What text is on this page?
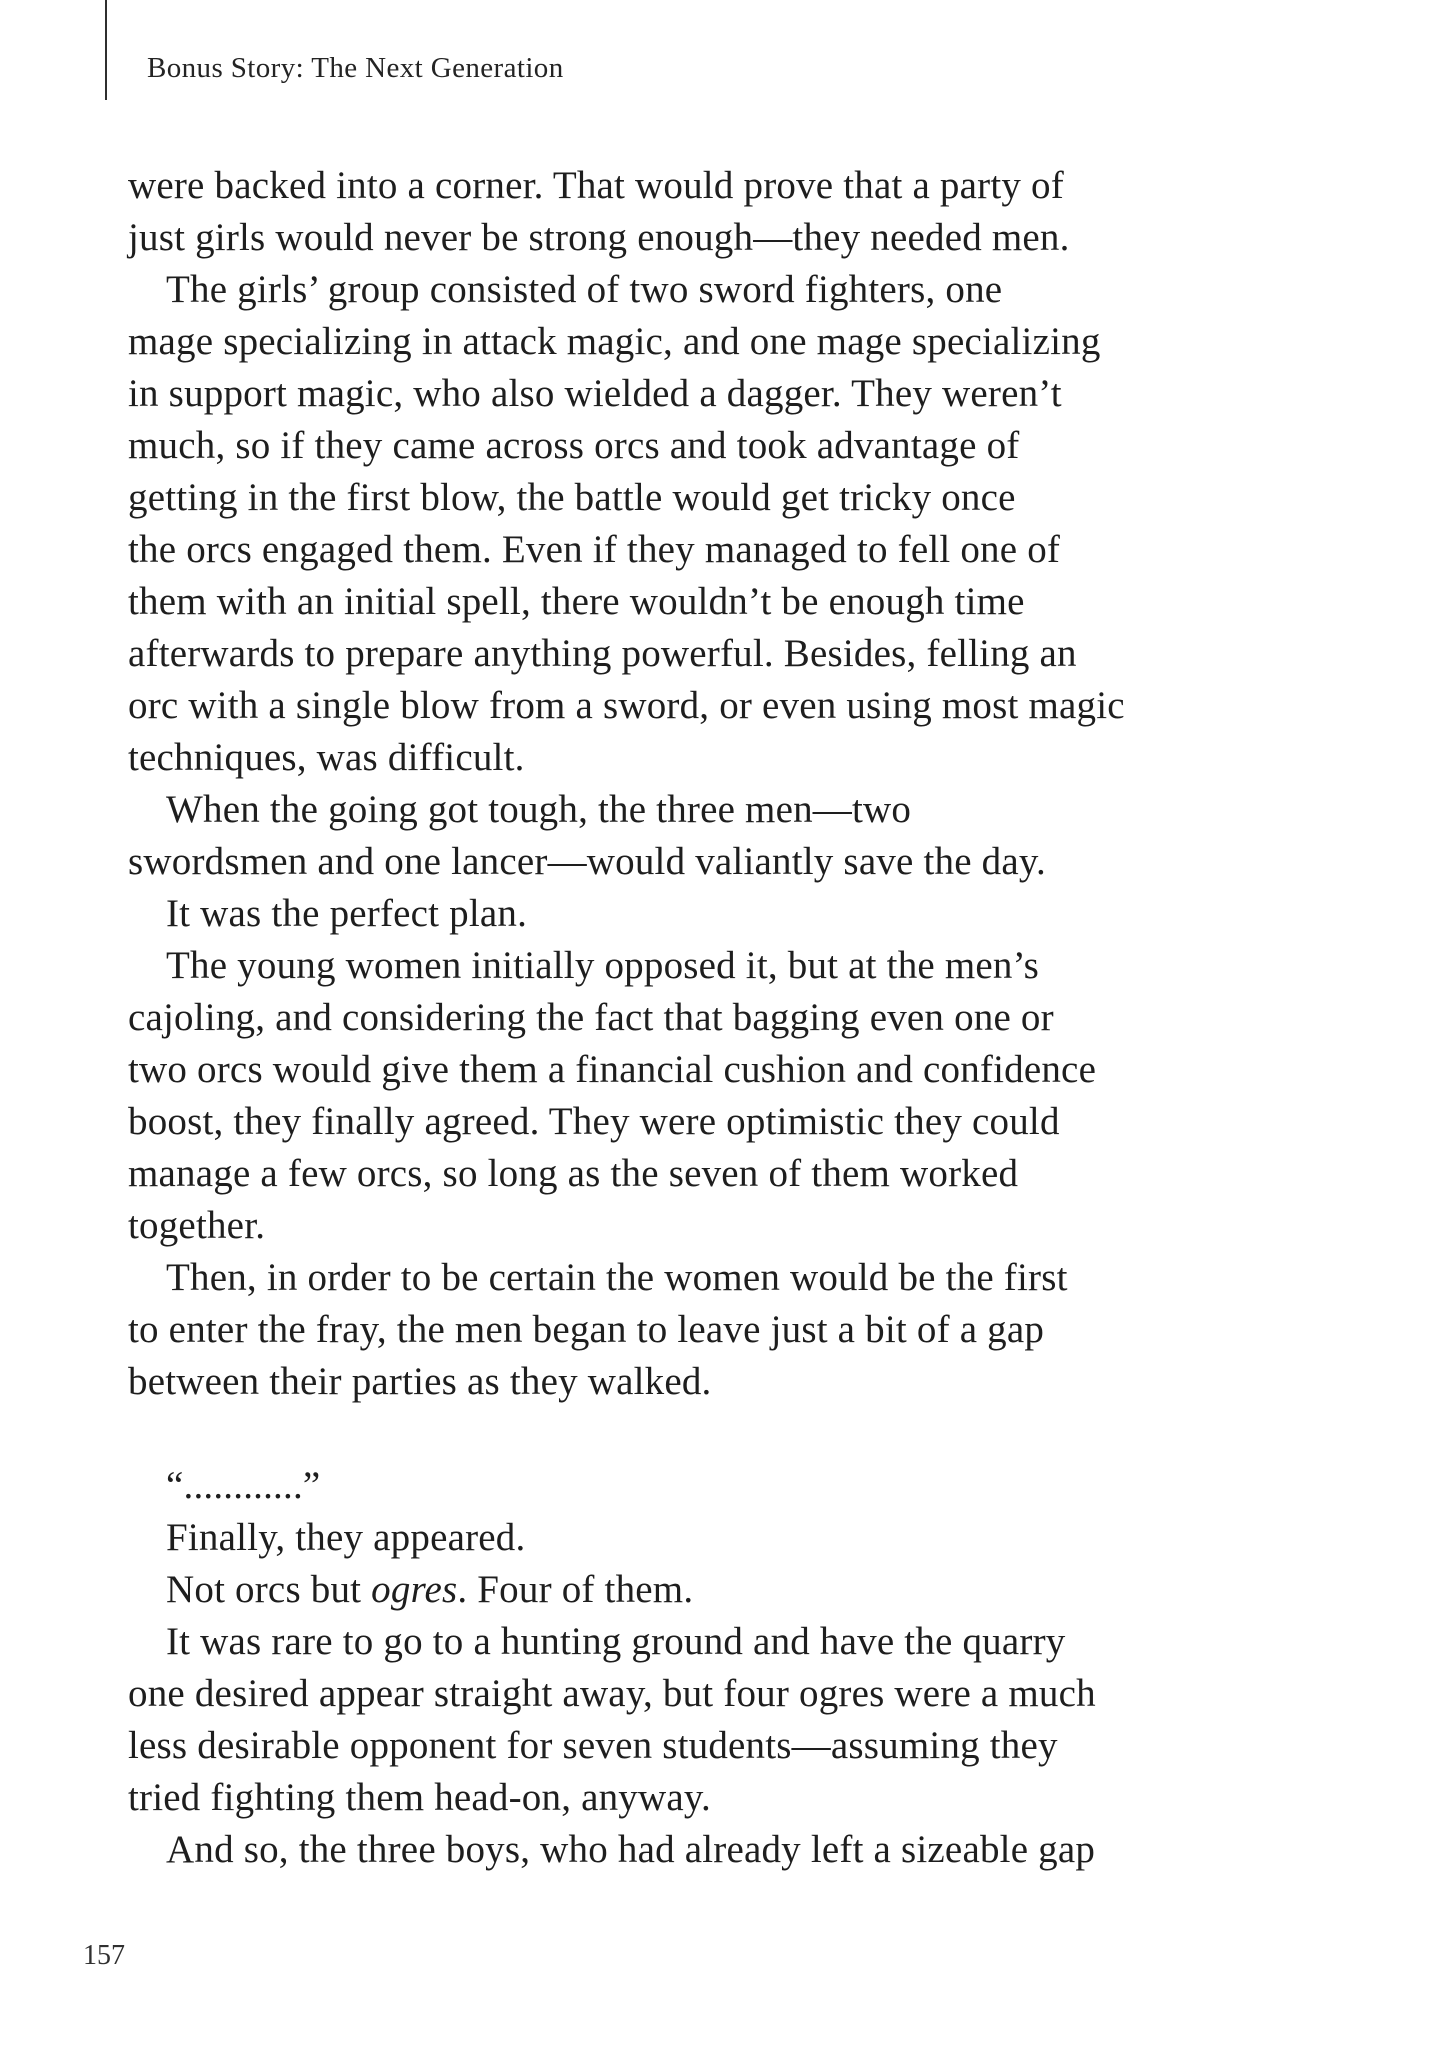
Bonus Story: The Next Generation
were backed into a corner. That would prove that a party of
just girls would never be strong enough—they needed men.
The girls’ group consisted of two sword fighters, one
mage specializing in attack magic, and one mage specializing
in support magic, who also wielded a dagger. They weren’t
much, so if they came across orcs and took advantage of
getting in the first blow, the battle would get tricky once
the orcs engaged them. Even if they managed to fell one of
them with an initial spell, there wouldn’t be enough time
afterwards to prepare anything powerful. Besides, felling an
orc with a single blow from a sword, or even using most magic
techniques, was difficult.
When the going got tough, the three men—two
swordsmen and one lancer—would valiantly save the day.
It was the perfect plan.
The young women initially opposed it, but at the men’s
cajoling, and considering the fact that bagging even one or
two orcs would give them a financial cushion and confidence
boost, they finally agreed. They were optimistic they could
manage a few orcs, so long as the seven of them worked
together.
Then, in order to be certain the women would be the first
to enter the fray, the men began to leave just a bit of a gap
between their parties as they walked.
“............”
Finally, they appeared.
Not orcs but ogres. Four of them.
It was rare to go to a hunting ground and have the quarry
one desired appear straight away, but four ogres were a much
less desirable opponent for seven students—assuming they
tried fighting them head-on, anyway.
And so, the three boys, who had already left a sizeable gap
157
